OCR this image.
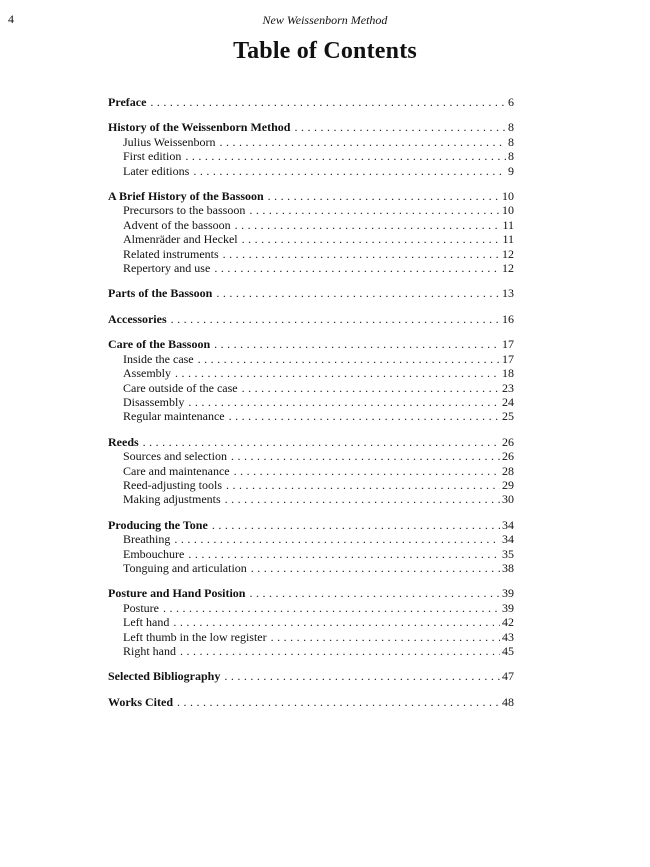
4	New Weissenborn Method
Table of Contents
Preface .....	6
History of the Weissenborn Method .....	8
Julius Weissenborn .....	8
First edition .....	8
Later editions .....	9
A Brief History of the Bassoon .....	10
Precursors to the bassoon .....	10
Advent of the bassoon .....	11
Almenräder and Heckel .....	11
Related instruments .....	12
Repertory and use .....	12
Parts of the Bassoon .....	13
Accessories .....	16
Care of the Bassoon .....	17
Inside the case .....	17
Assembly .....	18
Care outside of the case .....	23
Disassembly .....	24
Regular maintenance .....	25
Reeds .....	26
Sources and selection .....	26
Care and maintenance .....	28
Reed-adjusting tools .....	29
Making adjustments .....	30
Producing the Tone .....	34
Breathing .....	34
Embouchure .....	35
Tonguing and articulation .....	38
Posture and Hand Position .....	39
Posture .....	39
Left hand .....	42
Left thumb in the low register .....	43
Right hand .....	45
Selected Bibliography .....	47
Works Cited .....	48
